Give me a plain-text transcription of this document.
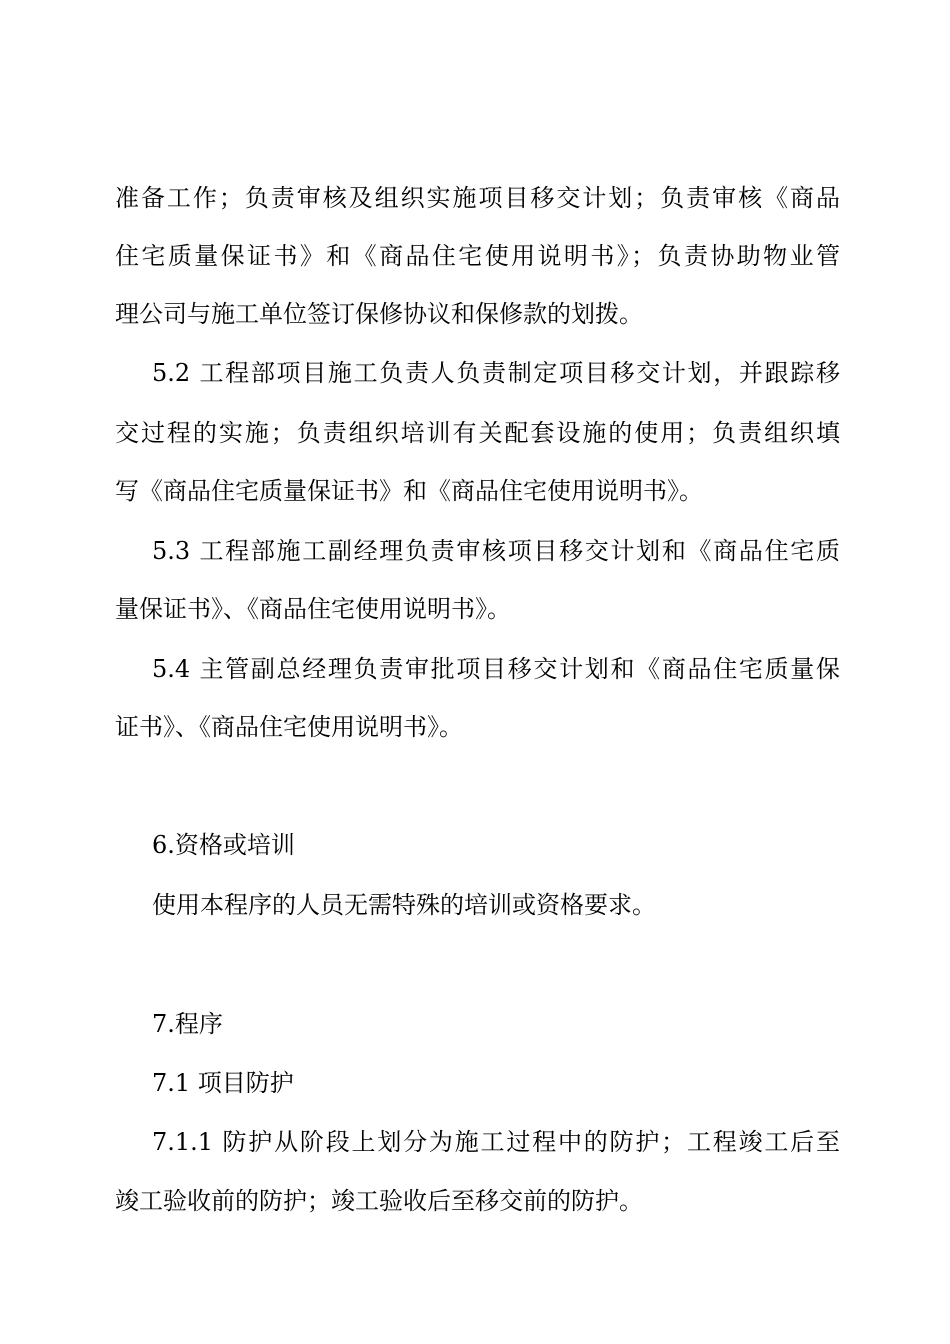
准备工作；负责审核及组织实施项目移交计划；负责审核《商品
住宅质量保证书》和《商品住宅使用说明书》；负责协助物业管
理公司与施工单位签订保修协议和保修款的划拨。
5.2 工程部项目施工负责人负责制定项目移交计划，并跟踪移
交过程的实施；负责组织培训有关配套设施的使用；负责组织填
写《商品住宅质量保证书》和《商品住宅使用说明书》。
5.3 工程部施工副经理负责审核项目移交计划和《商品住宅质
量保证书》、《商品住宅使用说明书》。
5.4 主管副总经理负责审批项目移交计划和《商品住宅质量保
证书》、《商品住宅使用说明书》。
6.资格或培训
使用本程序的人员无需特殊的培训或资格要求。
7.程序
7.1 项目防护
7.1.1 防护从阶段上划分为施工过程中的防护；工程竣工后至
竣工验收前的防护；竣工验收后至移交前的防护。
